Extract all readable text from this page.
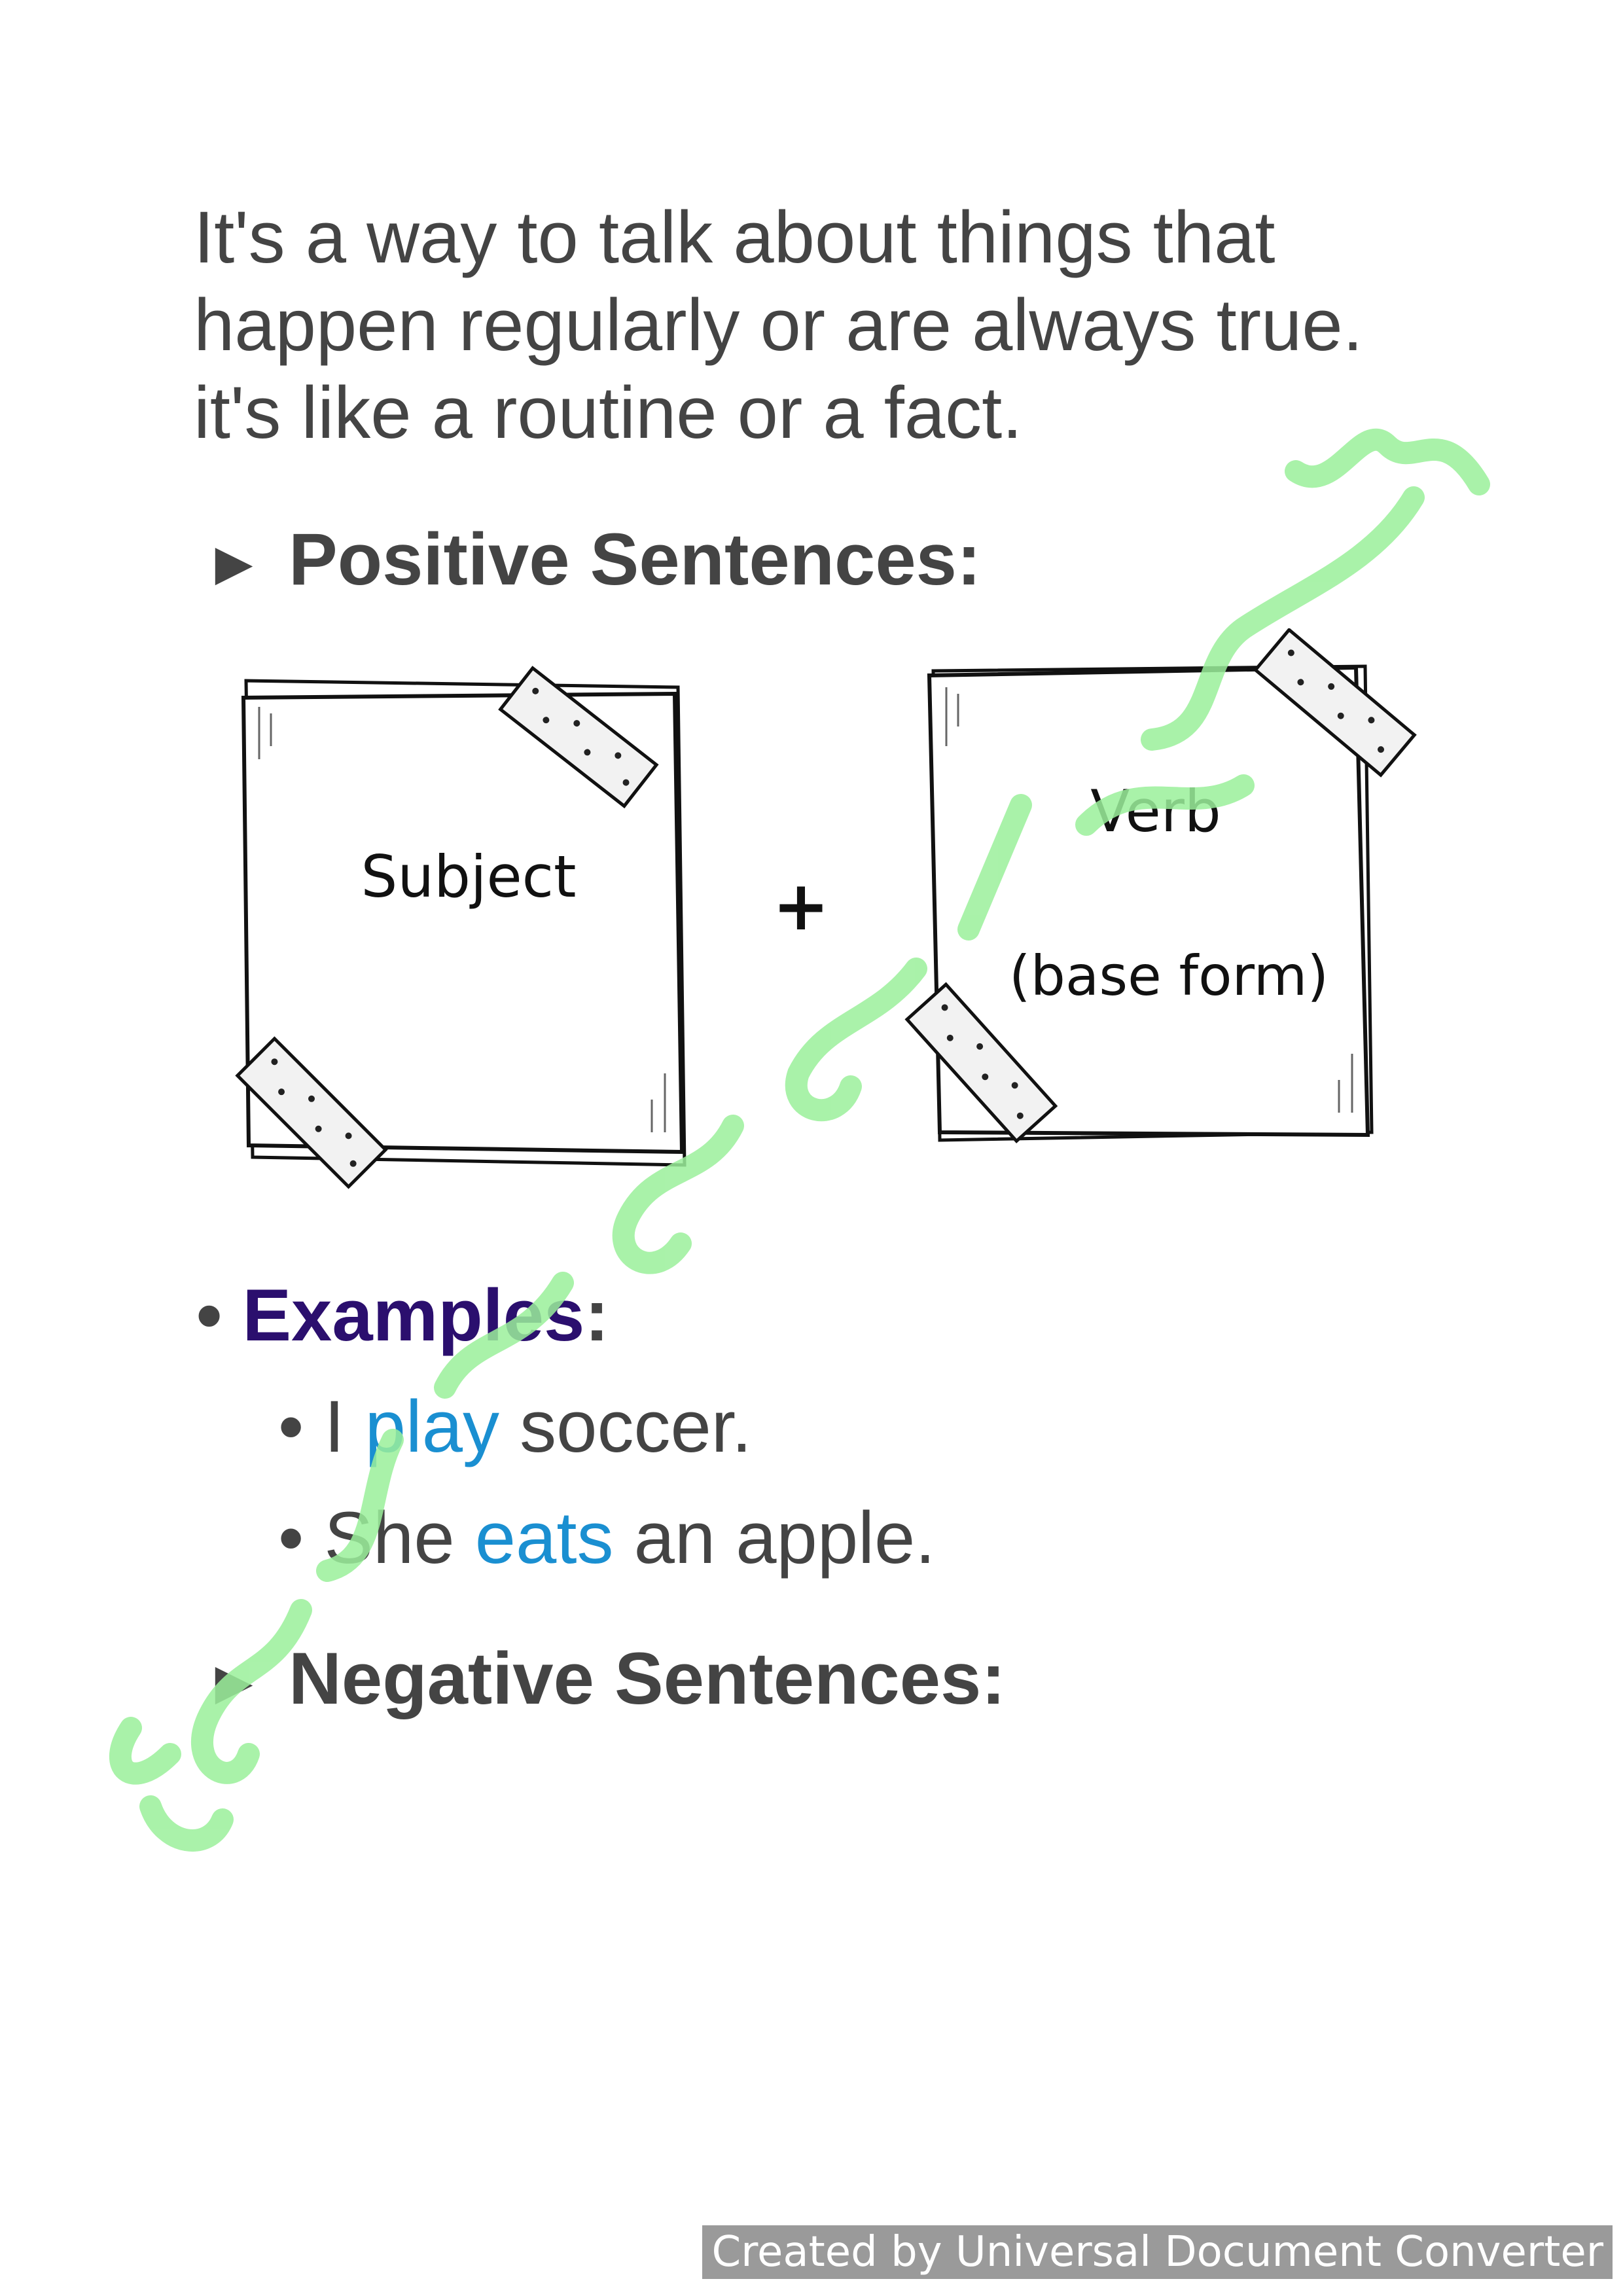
It's a way to talk about things that
happen regularly or are always true.
it's like a routine or a fact.
► Positive Sentences:
Subject	+
Verb
(base form)
• Examples:
• I play soccer.
• She eats an apple.
► Negative Sentences:
Created by Universal Document Converter
